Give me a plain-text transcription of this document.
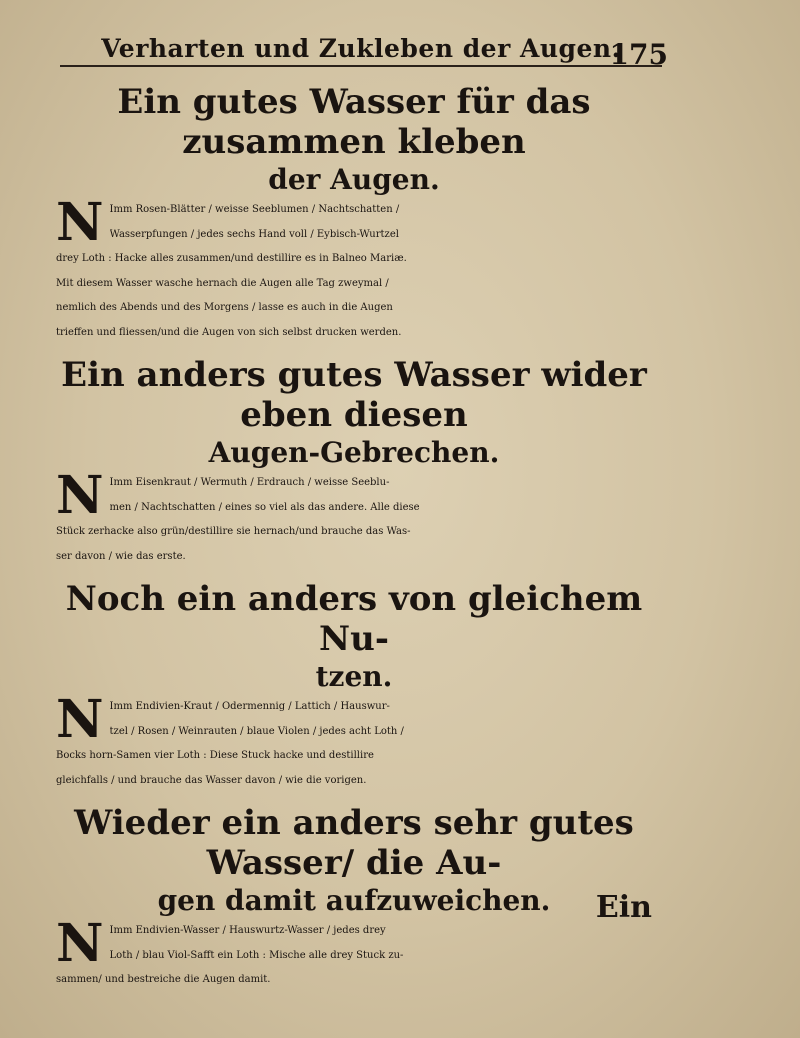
Verharten und Zukleben der Augen.
175
Ein gutes Wasser für das zusammen kleben
der Augen.

N Imm Rosen-Blätter / weisse Seeblumen / Nachtschatten /
Wasserpfungen / jedes sechs Hand voll / Eybisch-Wurtzel
drey Loth : Hacke alles zusammen/und destillire es in Balneo Mariæ.
Mit diesem Wasser wasche hernach die Augen alle Tag zweymal /
nemlich des Abends und des Morgens / lasse es auch in die Augen
trieffen und fliessen/und die Augen von sich selbst drucken werden.

Ein anders gutes Wasser wider eben diesen
Augen-Gebrechen.

N Imm Eisenkraut / Wermuth / Erdrauch / weisse Seeblu-
men / Nachtschatten / eines so viel als das andere. Alle diese
Stück zerhacke also grün/destillire sie hernach/und brauche das Was-
ser davon / wie das erste.

Noch ein anders von gleichem Nu-
tzen.

N Imm Endivien-Kraut / Odermennig / Lattich / Hauswur-
tzel / Rosen / Weinrauten / blaue Violen / jedes acht Loth /
Bocks horn-Samen vier Loth : Diese Stuck hacke und destillire
gleichfalls / und brauche das Wasser davon / wie die vorigen.

Wieder ein anders sehr gutes Wasser/ die Au-
gen damit aufzuweichen.

N Imm Endivien-Wasser / Hauswurtz-Wasser / jedes drey
Loth / blau Viol-Safft ein Loth : Mische alle drey Stuck zu-
sammen/ und bestreiche die Augen damit.

Ein
